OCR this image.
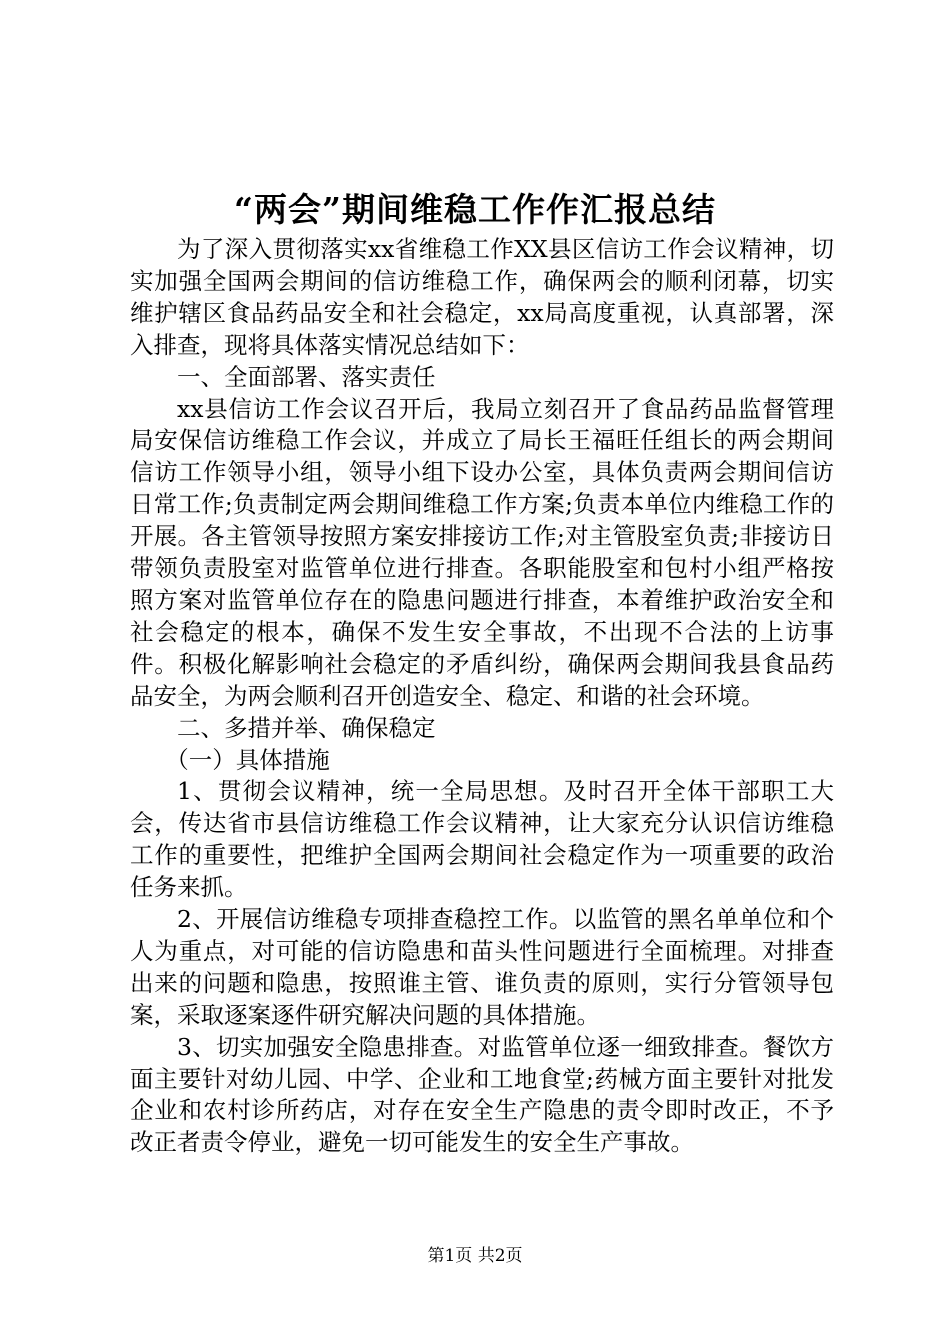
“两会”期间维稳工作作汇报总结

为了深入贯彻落实xx省维稳工作XX县区信访工作会议精神，切实加强全国两会期间的信访维稳工作，确保两会的顺利闭幕，切实维护辖区食品药品安全和社会稳定，xx局高度重视，认真部署，深入排查，现将具体落实情况总结如下：

一、全面部署、落实责任

xx县信访工作会议召开后，我局立刻召开了食品药品监督管理局安保信访维稳工作会议，并成立了局长王福旺任组长的两会期间信访工作领导小组，领导小组下设办公室，具体负责两会期间信访日常工作;负责制定两会期间维稳工作方案;负责本单位内维稳工作的开展。各主管领导按照方案安排接访工作;对主管股室负责;非接访日带领负责股室对监管单位进行排查。各职能股室和包村小组严格按照方案对监管单位存在的隐患问题进行排查，本着维护政治安全和社会稳定的根本，确保不发生安全事故，不出现不合法的上访事件。积极化解影响社会稳定的矛盾纠纷，确保两会期间我县食品药品安全，为两会顺利召开创造安全、稳定、和谐的社会环境。

二、多措并举、确保稳定

（一）具体措施

1、贯彻会议精神，统一全局思想。及时召开全体干部职工大会，传达省市县信访维稳工作会议精神，让大家充分认识信访维稳工作的重要性，把维护全国两会期间社会稳定作为一项重要的政治任务来抓。

2、开展信访维稳专项排查稳控工作。以监管的黑名单单位和个人为重点，对可能的信访隐患和苗头性问题进行全面梳理。对排查出来的问题和隐患，按照谁主管、谁负责的原则，实行分管领导包案，采取逐案逐件研究解决问题的具体措施。

3、切实加强安全隐患排查。对监管单位逐一细致排查。餐饮方面主要针对幼儿园、中学、企业和工地食堂;药械方面主要针对批发企业和农村诊所药店，对存在安全生产隐患的责令即时改正，不予改正者责令停业，避免一切可能发生的安全生产事故。

第1页 共2页
